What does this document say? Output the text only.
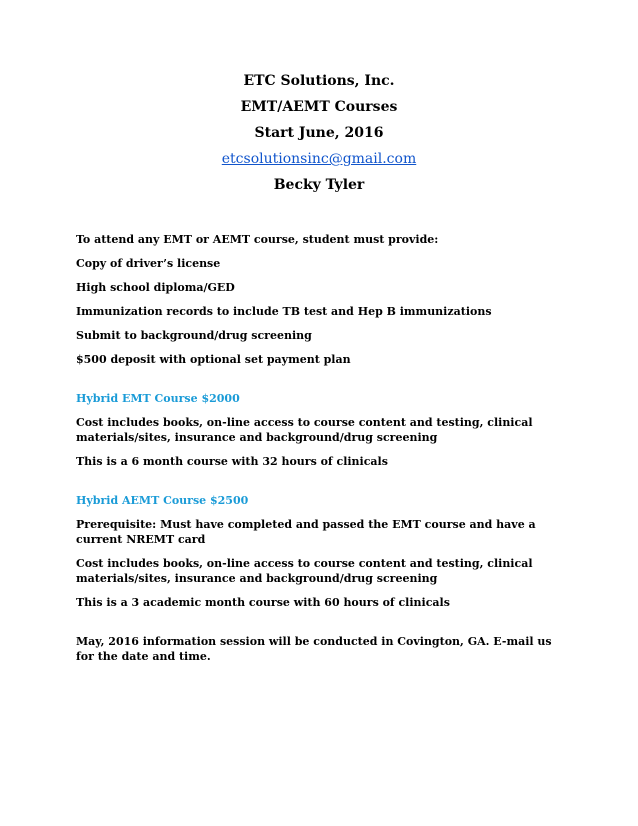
ETC Solutions, Inc.
EMT/AEMT Courses
Start June, 2016
etcsolutionsinc@gmail.com
Becky Tyler

To attend any EMT or AEMT course, student must provide:

Copy of driver’s license

High school diploma/GED

Immunization records to include TB test and Hep B immunizations

Submit to background/drug screening

$500 deposit with optional set payment plan

Hybrid EMT Course $2000

Cost includes books, on-line access to course content and testing, clinical materials/sites, insurance and background/drug screening

This is a 6 month course with 32 hours of clinicals

Hybrid AEMT Course $2500

Prerequisite: Must have completed and passed the EMT course and have a current NREMT card

Cost includes books, on-line access to course content and testing, clinical materials/sites, insurance and background/drug screening

This is a 3 academic month course with 60 hours of clinicals

May, 2016 information session will be conducted in Covington, GA. E-mail us for the date and time.
